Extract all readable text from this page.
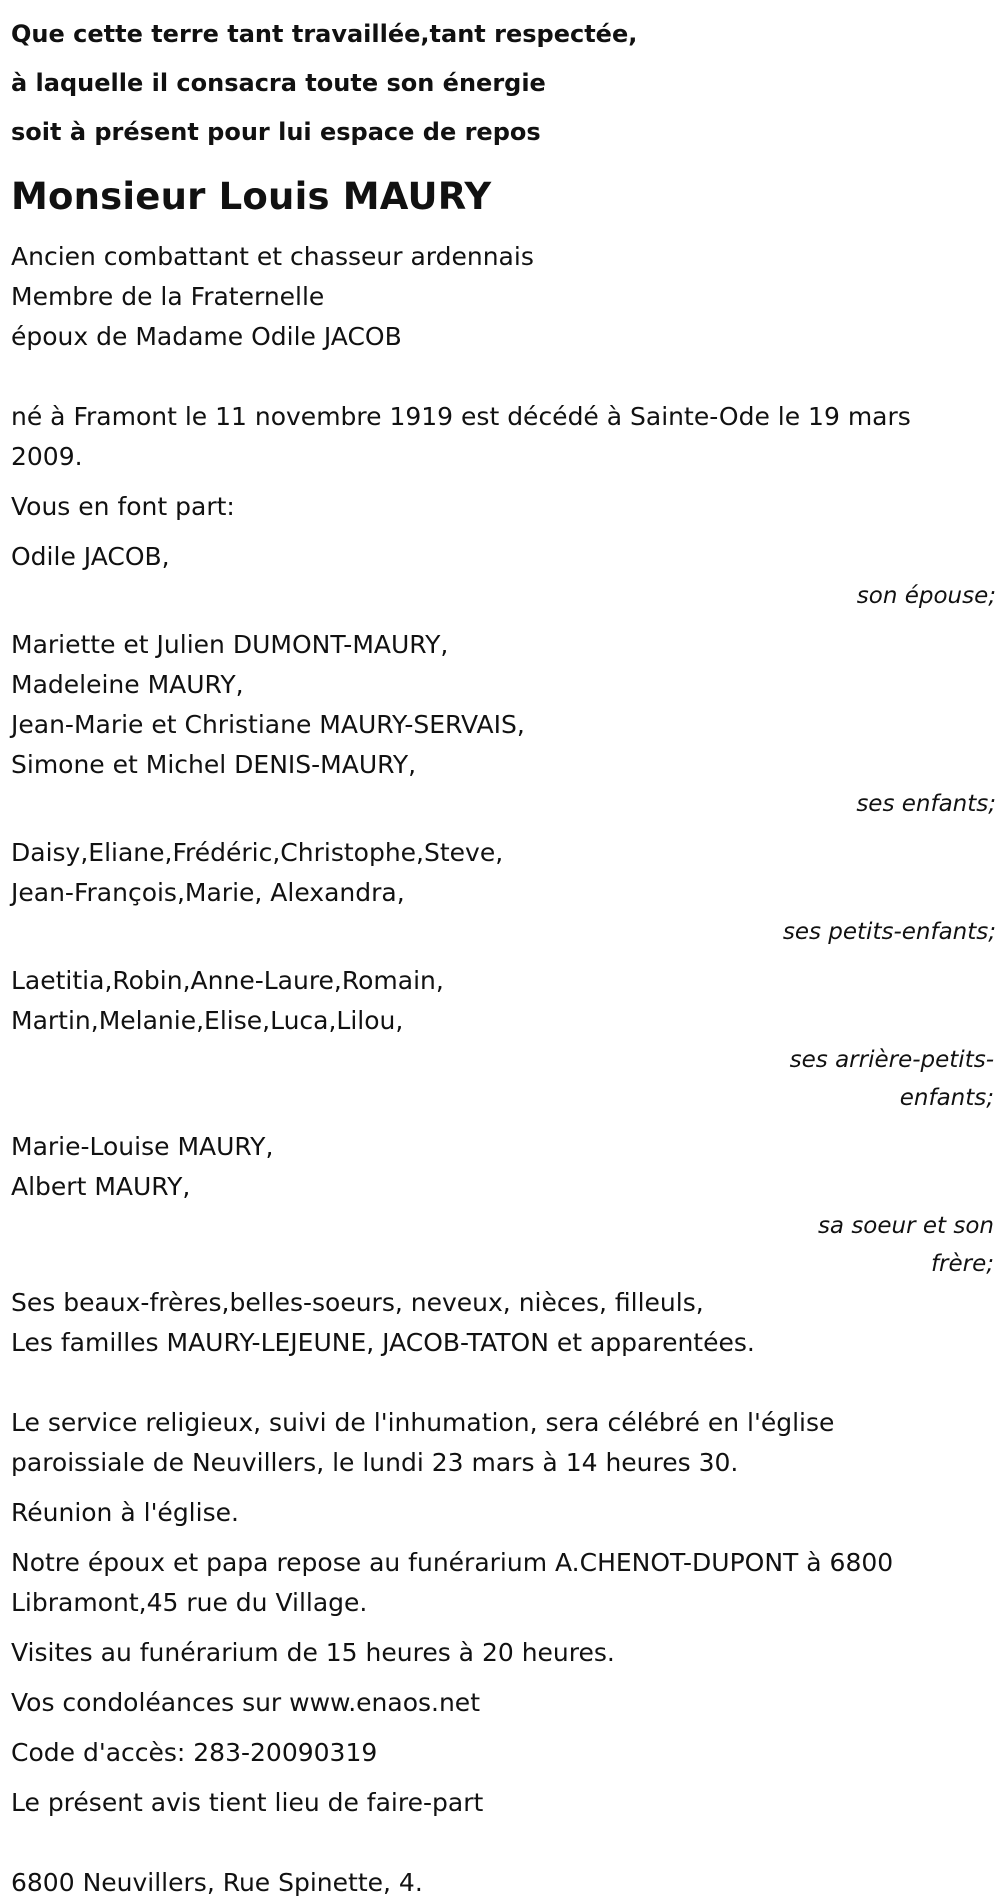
Que cette terre tant travaillée,tant respectée,
à laquelle il consacra toute son énergie
soit à présent pour lui espace de repos
Monsieur Louis MAURY
Ancien combattant et chasseur ardennais
Membre de la Fraternelle
époux de Madame Odile JACOB
né à Framont le 11 novembre 1919 est décédé à Sainte-Ode le 19 mars 2009.
Vous en font part:
Odile JACOB,
son épouse;
Mariette et Julien DUMONT-MAURY,
Madeleine MAURY,
Jean-Marie et Christiane MAURY-SERVAIS,
Simone et Michel DENIS-MAURY,
ses enfants;
Daisy,Eliane,Frédéric,Christophe,Steve,
Jean-François,Marie, Alexandra,
ses petits-enfants;
Laetitia,Robin,Anne-Laure,Romain,
Martin,Melanie,Elise,Luca,Lilou,
ses arrière-petits-enfants;
Marie-Louise MAURY,
Albert MAURY,
sa soeur et son frère;
Ses beaux-frères,belles-soeurs, neveux, nièces, filleuls,
Les familles MAURY-LEJEUNE, JACOB-TATON et apparentées.
Le service religieux, suivi de l'inhumation, sera célébré en l'église paroissiale de Neuvillers, le lundi 23 mars à 14 heures 30.
Réunion à l'église.
Notre époux et papa repose au funérarium A.CHENOT-DUPONT à 6800 Libramont,45 rue du Village.
Visites au funérarium de 15 heures à 20 heures.
Vos condoléances sur www.enaos.net
Code d'accès: 283-20090319
Le présent avis tient lieu de faire-part
6800 Neuvillers, Rue Spinette, 4.
